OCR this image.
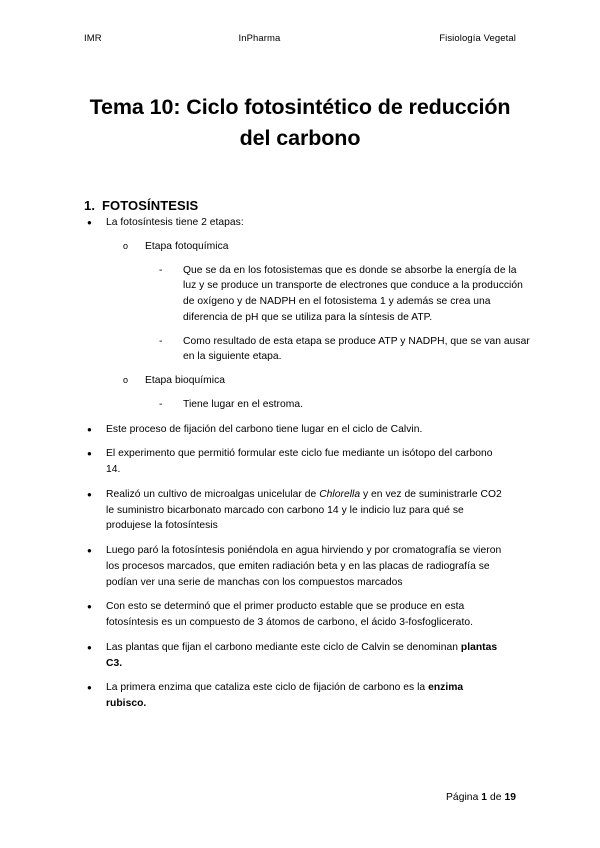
IMR	InPharma	Fisiología Vegetal
Tema 10: Ciclo fotosintético de reducción del carbono
1. FOTOSÍNTESIS
●	La fotosíntesis tiene 2 etapas:
o	Etapa fotoquímica
-	Que se da en los fotosistemas que es donde se absorbe la energía de la luz y se produce un transporte de electrones que conduce a la producción de oxígeno y de NADPH en el fotosistema 1 y además se crea una diferencia de pH que se utiliza para la síntesis de ATP.
-	Como resultado de esta etapa se produce ATP y NADPH, que se van ausar en la siguiente etapa.
o	Etapa bioquímica
-	Tiene lugar en el estroma.
●	Este proceso de fijación del carbono tiene lugar en el ciclo de Calvin.
●	El experimento que permitió formular este ciclo fue mediante un isótopo del carbono 14.
●	Realizó un cultivo de microalgas unicelular de Chlorella y en vez de suministrarle CO2 le suministro bicarbonato marcado con carbono 14 y le indicio luz para qué se produjese la fotosíntesis
●	Luego paró la fotosíntesis poniéndola en agua hirviendo y por cromatografía se vieron los procesos marcados, que emiten radiación beta y en las placas de radiografía se podían ver una serie de manchas con los compuestos marcados
●	Con esto se determinó que el primer producto estable que se produce en esta fotosíntesis es un compuesto de 3 átomos de carbono, el ácido 3-fosfoglicerato.
●	Las plantas que fijan el carbono mediante este ciclo de Calvin se denominan plantas C3.
●	La primera enzima que cataliza este ciclo de fijación de carbono es la enzima rubisco.
Página 1 de 19
